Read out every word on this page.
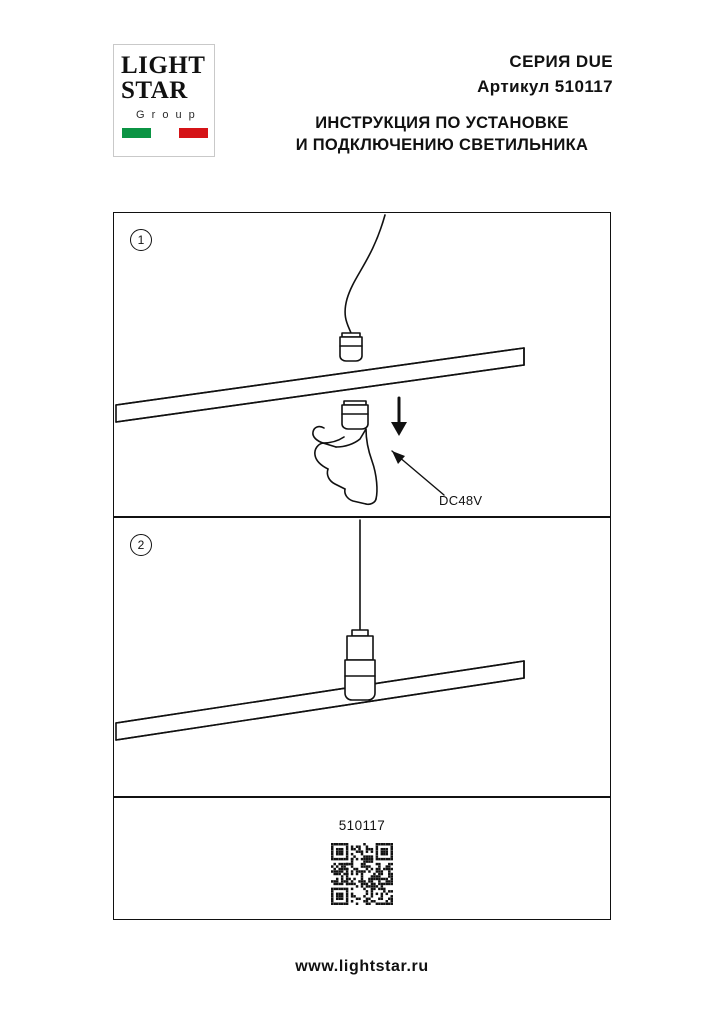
LIGHT
STAR
G r o u p
СЕРИЯ DUE
Артикул 510117
ИНСТРУКЦИЯ ПО УСТАНОВКЕ
И ПОДКЛЮЧЕНИЮ СВЕТИЛЬНИКА
1
DC48V
2
510117
www.lightstar.ru
